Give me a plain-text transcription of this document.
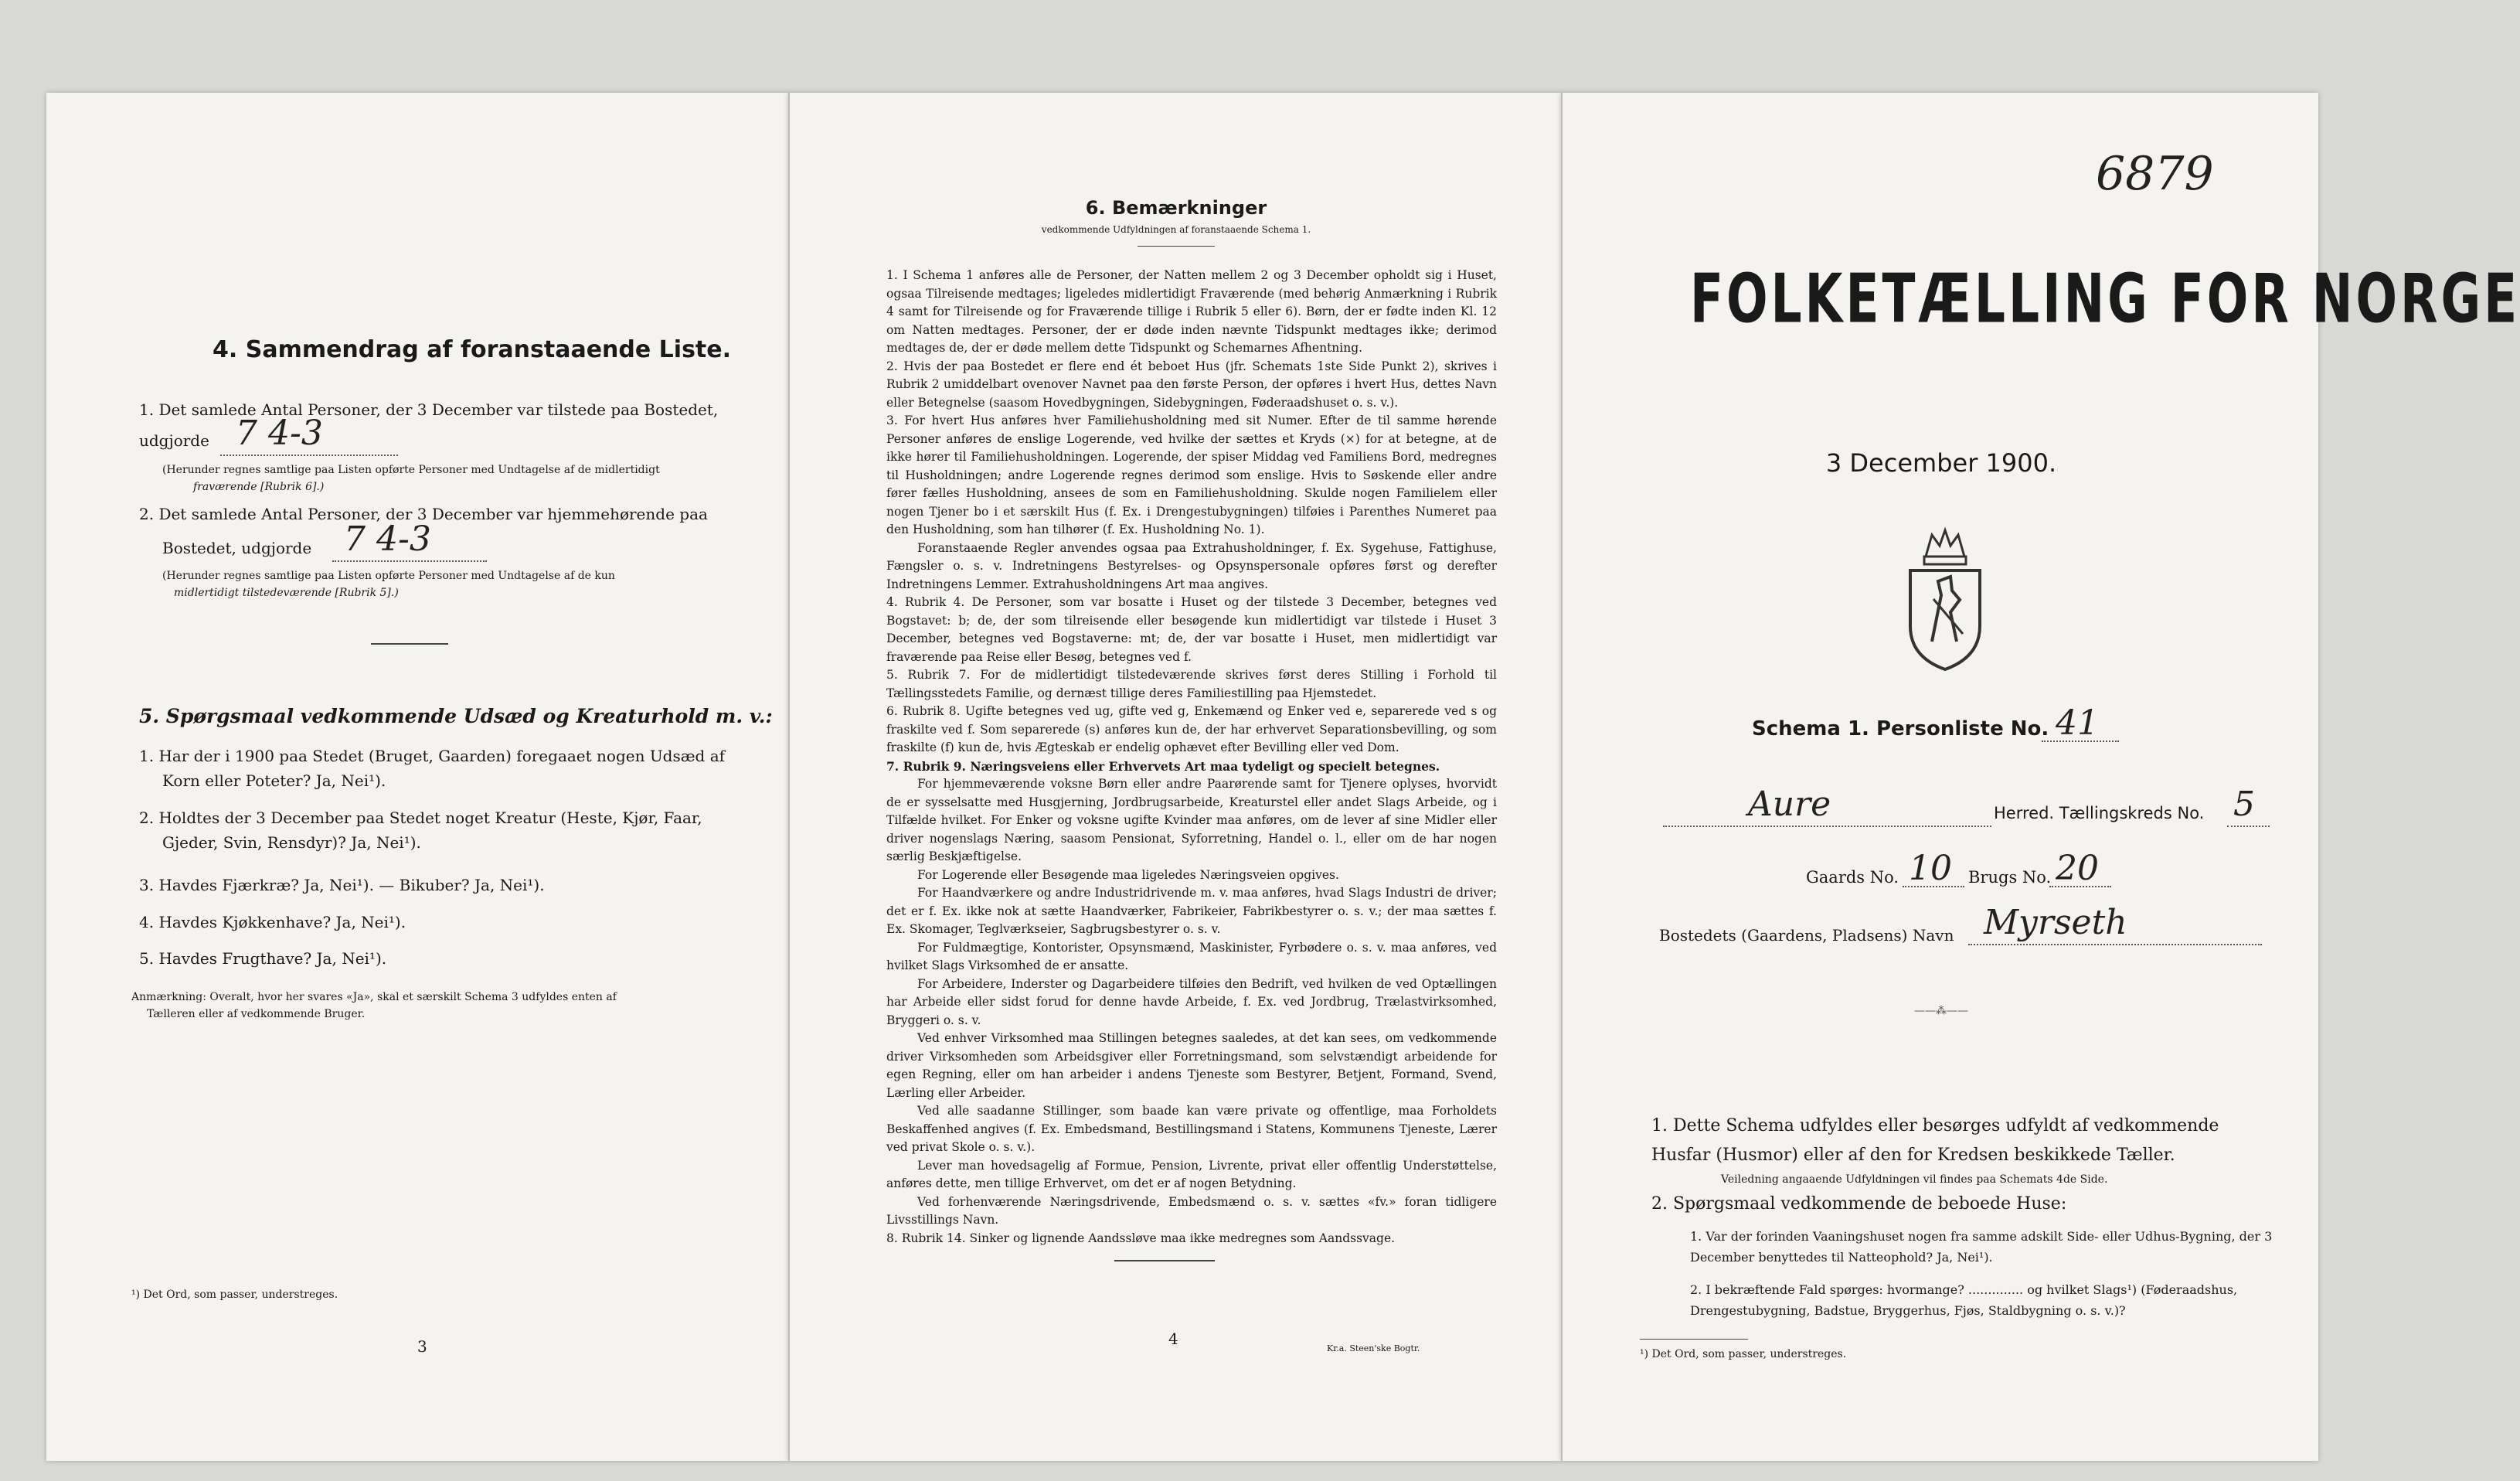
4. Sammendrag af foranstaaende Liste.

1. Det samlede Antal Personer, der 3 December var tilstede paa Bostedet,

udgjorde 7 4-3

(Herunder regnes samtlige paa Listen opførte Personer med Undtagelse af de midlertidigt

fraværende [Rubrik 6].)

2. Det samlede Antal Personer, der 3 December var hjemmehørende paa

Bostedet, udgjorde 7 4-3

(Herunder regnes samtlige paa Listen opførte Personer med Undtagelse af de kun

midlertidigt tilstedeværende [Rubrik 5].)

5. Spørgsmaal vedkommende Udsæd og Kreaturhold m. v.:

1. Har der i 1900 paa Stedet (Bruget, Gaarden) foregaaet nogen Udsæd af

Korn eller Poteter? Ja, Nei¹).

2. Holdtes der 3 December paa Stedet noget Kreatur (Heste, Kjør, Faar,

Gjeder, Svin, Rensdyr)? Ja, Nei¹).

3. Havdes Fjærkræ? Ja, Nei¹). — Bikuber? Ja, Nei¹).

4. Havdes Kjøkkenhave? Ja, Nei¹).

5. Havdes Frugthave? Ja, Nei¹).

Anmærkning: Overalt, hvor her svares «Ja», skal et særskilt Schema 3 udfyldes enten af

Tælleren eller af vedkommende Bruger.

¹) Det Ord, som passer, understreges.

3
6. Bemærkninger
vedkommende Udfyldningen af foranstaaende Schema 1.

1. I Schema 1 anføres alle de Personer, der Natten mellem 2 og 3 December opholdt sig i Huset, ogsaa Tilreisende medtages; ligeledes midlertidigt Fraværende (med behørig Anmærkning i Rubrik 4 samt for Tilreisende og for Fraværende tillige i Rubrik 5 eller 6). Børn, der er fødte inden Kl. 12 om Natten medtages. Personer, der er døde inden nævnte Tidspunkt medtages ikke; derimod medtages de, der er døde mellem dette Tidspunkt og Schemarnes Afhentning.

2. Hvis der paa Bostedet er flere end ét beboet Hus (jfr. Schemats 1ste Side Punkt 2), skrives i Rubrik 2 umiddelbart ovenover Navnet paa den første Person, der opføres i hvert Hus, dettes Navn eller Betegnelse (saasom Hovedbygningen, Sidebygningen, Føderaadshuset o. s. v.).

3. For hvert Hus anføres hver Familiehusholdning med sit Numer. Efter de til samme hørende Personer anføres de enslige Logerende, ved hvilke der sættes et Kryds (×) for at betegne, at de ikke hører til Familiehusholdningen. Logerende, der spiser Middag ved Familiens Bord, medregnes til Husholdningen; andre Logerende regnes derimod som enslige. Hvis to Søskende eller andre fører fælles Husholdning, ansees de som en Familiehusholdning. Skulde nogen Familielem eller nogen Tjener bo i et særskilt Hus (f. Ex. i Drengestubygningen) tilføies i Parenthes Numeret paa den Husholdning, som han tilhører (f. Ex. Husholdning No. 1).

Foranstaaende Regler anvendes ogsaa paa Extrahusholdninger, f. Ex. Sygehuse, Fattighuse, Fængsler o. s. v. Indretningens Bestyrelses- og Opsynspersonale opføres først og derefter Indretningens Lemmer. Extrahusholdningens Art maa angives.

4. Rubrik 4. De Personer, som var bosatte i Huset og der tilstede 3 December, betegnes ved Bogstavet: b; de, der som tilreisende eller besøgende kun midlertidigt var tilstede i Huset 3 December, betegnes ved Bogstaverne: mt; de, der var bosatte i Huset, men midlertidigt var fraværende paa Reise eller Besøg, betegnes ved f.

5. Rubrik 7. For de midlertidigt tilstedeværende skrives først deres Stilling i Forhold til Tællingsstedets Familie, og dernæst tillige deres Familiestilling paa Hjemstedet.

6. Rubrik 8. Ugifte betegnes ved ug, gifte ved g, Enkemænd og Enker ved e, separerede ved s og fraskilte ved f. Som separerede (s) anføres kun de, der har erhvervet Separationsbevilling, og som fraskilte (f) kun de, hvis Ægteskab er endelig ophævet efter Bevilling eller ved Dom.

7. Rubrik 9. Næringsveiens eller Erhvervets Art maa tydeligt og specielt betegnes.

For hjemmeværende voksne Børn eller andre Paarørende samt for Tjenere oplyses, hvorvidt de er sysselsatte med Husgjerning, Jordbrugsarbeide, Kreaturstel eller andet Slags Arbeide, og i Tilfælde hvilket. For Enker og voksne ugifte Kvinder maa anføres, om de lever af sine Midler eller driver nogenslags Næring, saasom Pensionat, Syforretning, Handel o. l., eller om de har nogen særlig Beskjæftigelse.

For Logerende eller Besøgende maa ligeledes Næringsveien opgives.

For Haandværkere og andre Industridrivende m. v. maa anføres, hvad Slags Industri de driver; det er f. Ex. ikke nok at sætte Haandværker, Fabrikeier, Fabrikbestyrer o. s. v.; der maa sættes f. Ex. Skomager, Teglværkseier, Sagbrugsbestyrer o. s. v.

For Fuldmægtige, Kontorister, Opsynsmænd, Maskinister, Fyrbødere o. s. v. maa anføres, ved hvilket Slags Virksomhed de er ansatte.

For Arbeidere, Inderster og Dagarbeidere tilføies den Bedrift, ved hvilken de ved Optællingen har Arbeide eller sidst forud for denne havde Arbeide, f. Ex. ved Jordbrug, Trælastvirksomhed, Bryggeri o. s. v.

Ved enhver Virksomhed maa Stillingen betegnes saaledes, at det kan sees, om vedkommende driver Virksomheden som Arbeidsgiver eller Forretningsmand, som selvstændigt arbeidende for egen Regning, eller om han arbeider i andens Tjeneste som Bestyrer, Betjent, Formand, Svend, Lærling eller Arbeider.

Ved alle saadanne Stillinger, som baade kan være private og offentlige, maa Forholdets Beskaffenhed angives (f. Ex. Embedsmand, Bestillingsmand i Statens, Kommunens Tjeneste, Lærer ved privat Skole o. s. v.).

Lever man hovedsagelig af Formue, Pension, Livrente, privat eller offentlig Understøttelse, anføres dette, men tillige Erhvervet, om det er af nogen Betydning.

Ved forhenværende Næringsdrivende, Embedsmænd o. s. v. sættes «fv.» foran tidligere Livsstillings Navn.

8. Rubrik 14. Sinker og lignende Aandssløve maa ikke medregnes som Aandssvage.

4
Kr.a. Steen'ske Bogtr.
6879
FOLKETÆLLING FOR NORGE
3 December 1900.
Schema 1. Personliste No. 41
Aure	Herred. Tællingskreds No. 5
Gaards No. 10	Brugs No. 20
Bostedets (Gaardens, Pladsens) Navn Myrseth
——⁂——

1. Dette Schema udfyldes eller besørges udfyldt af vedkommende Husfar (Husmor) eller af den for Kredsen beskikkede Tæller.

Veiledning angaaende Udfyldningen vil findes paa Schemats 4de Side.

2. Spørgsmaal vedkommende de beboede Huse:

1. Var der forinden Vaaningshuset nogen fra samme adskilt Side- eller Udhus-Bygning, der 3 December benyttedes til Natteophold? Ja, Nei¹).

2. I bekræftende Fald spørges: hvormange? .............. og hvilket Slags¹) (Føderaadshus, Drengestubygning, Badstue, Bryggerhus, Fjøs, Staldbygning o. s. v.)?

¹) Det Ord, som passer, understreges.
